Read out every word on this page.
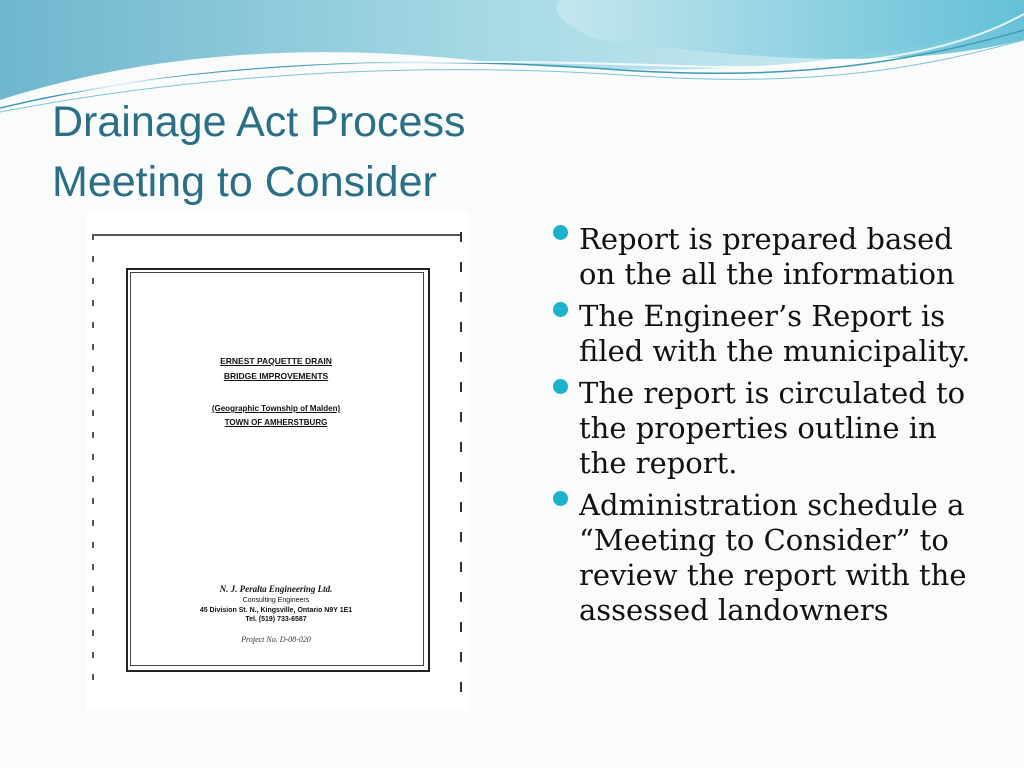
Drainage Act Process
Meeting to Consider
ERNEST PAQUETTE DRAIN
BRIDGE IMPROVEMENTS
(Geographic Township of Malden)
TOWN OF AMHERSTBURG
N. J. Peralta Engineering Ltd.
Consulting Engineers
45 Division St. N., Kingsville, Ontario N9Y 1E1
Tel. (519) 733-6587
Project No. D-08-020
Report is prepared based on the all the information
The Engineer’s Report is filed with the municipality.
The report is circulated to the properties outline in the report.
Administration schedule a “Meeting to Consider” to review the report with the assessed landowners
